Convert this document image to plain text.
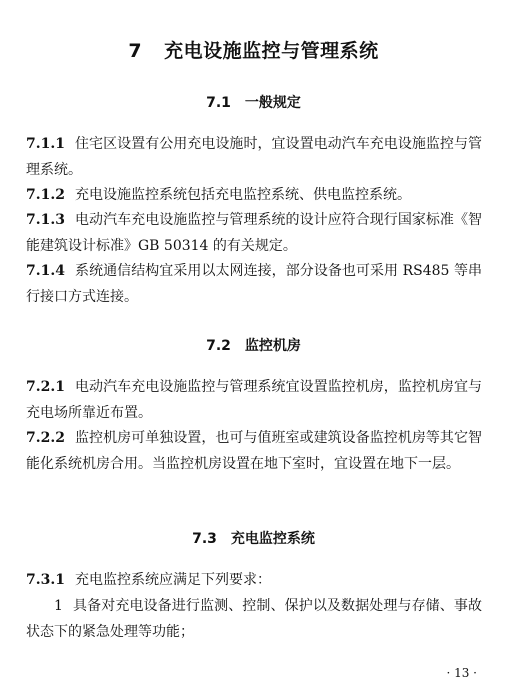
7 充电设施监控与管理系统
7.1 一般规定
7.1.1 住宅区设置有公用充电设施时，宜设置电动汽车充电设施监控与管理系统。
7.1.2 充电设施监控系统包括充电监控系统、供电监控系统。
7.1.3 电动汽车充电设施监控与管理系统的设计应符合现行国家标准《智能建筑设计标准》GB 50314 的有关规定。
7.1.4 系统通信结构宜采用以太网连接，部分设备也可采用 RS485 等串行接口方式连接。
7.2 监控机房
7.2.1 电动汽车充电设施监控与管理系统宜设置监控机房，监控机房宜与充电场所靠近布置。
7.2.2 监控机房可单独设置，也可与值班室或建筑设备监控机房等其它智能化系统机房合用。当监控机房设置在地下室时，宜设置在地下一层。
7.3 充电监控系统
7.3.1 充电监控系统应满足下列要求：
1 具备对充电设备进行监测、控制、保护以及数据处理与存储、事故状态下的紧急处理等功能；
· 13 ·
